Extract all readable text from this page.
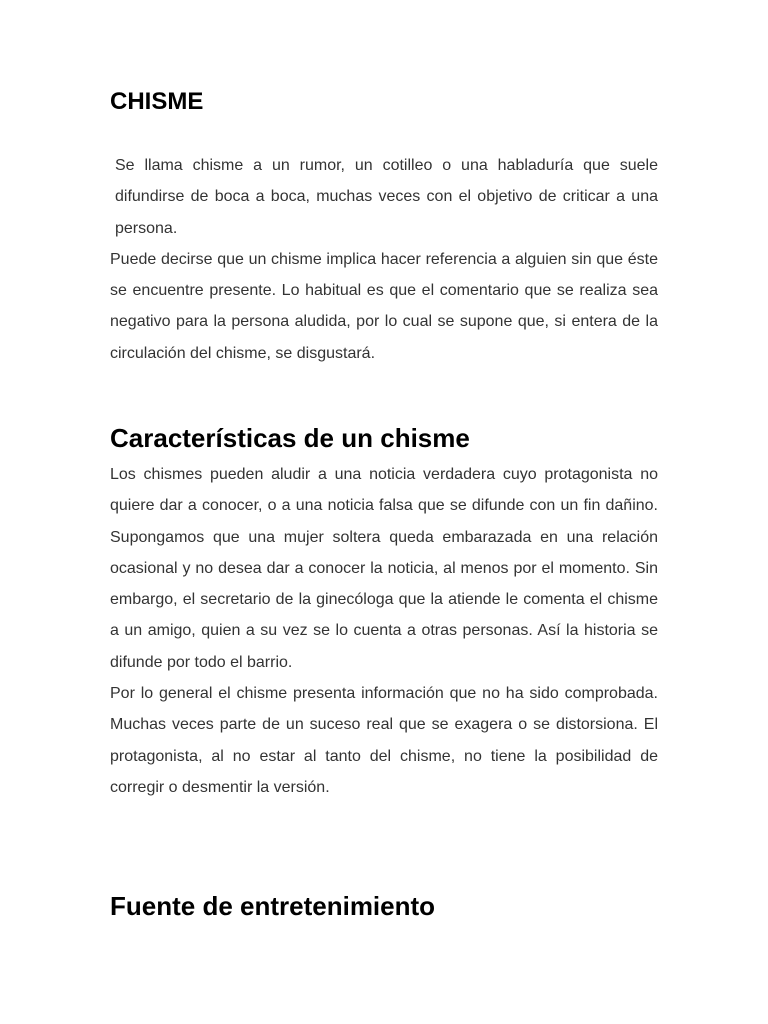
CHISME

Se llama chisme a un rumor, un cotilleo o una habladuría que suele difundirse de boca a boca, muchas veces con el objetivo de criticar a una persona.

Puede decirse que un chisme implica hacer referencia a alguien sin que éste se encuentre presente. Lo habitual es que el comentario que se realiza sea negativo para la persona aludida, por lo cual se supone que, si entera de la circulación del chisme, se disgustará.

Características de un chisme

Los chismes pueden aludir a una noticia verdadera cuyo protagonista no quiere dar a conocer, o a una noticia falsa que se difunde con un fin dañino. Supongamos que una mujer soltera queda embarazada en una relación ocasional y no desea dar a conocer la noticia, al menos por el momento. Sin embargo, el secretario de la ginecóloga que la atiende le comenta el chisme a un amigo, quien a su vez se lo cuenta a otras personas. Así la historia se difunde por todo el barrio.

Por lo general el chisme presenta información que no ha sido comprobada. Muchas veces parte de un suceso real que se exagera o se distorsiona. El protagonista, al no estar al tanto del chisme, no tiene la posibilidad de corregir o desmentir la versión.

Fuente de entretenimiento
